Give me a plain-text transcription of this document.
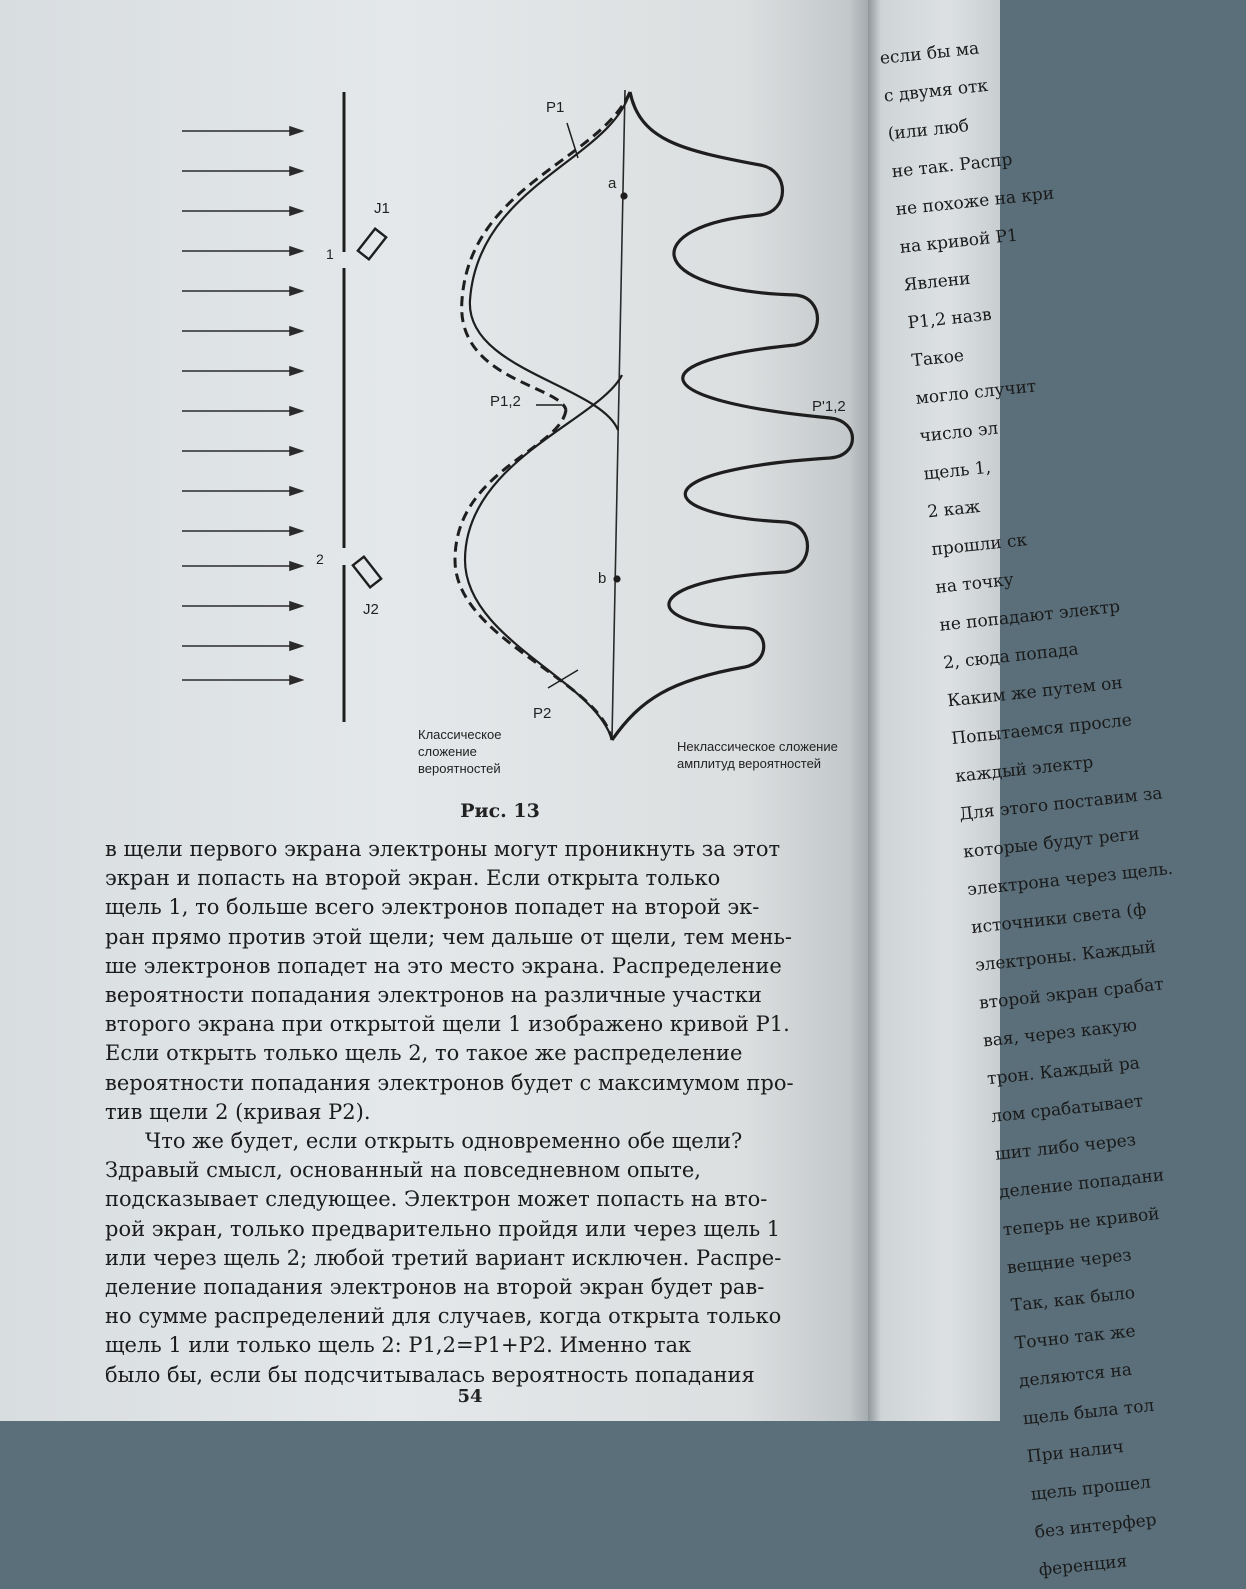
P1
J1
1
a
P1,2	P'1,2
2
b
J2
P2
Классическое сложение вероятностей
Неклассическое сложение амплитуд вероятностей
Рис. 13

в щели первого экрана электроны могут проникнуть за этот

экран и попасть на второй экран. Если открыта только

щель 1, то больше всего электронов попадет на второй эк-

ран прямо против этой щели; чем дальше от щели, тем мень-

ше электронов попадет на это место экрана. Распределение

вероятности попадания электронов на различные участки

второго экрана при открытой щели 1 изображено кривой P1.

Если открыть только щель 2, то такое же распределение

вероятности попадания электронов будет с максимумом про-

тив щели 2 (кривая P2).

Что же будет, если открыть одновременно обе щели?

Здравый смысл, основанный на повседневном опыте,

подсказывает следующее. Электрон может попасть на вто-

рой экран, только предварительно пройдя или через щель 1

или через щель 2; любой третий вариант исключен. Распре-

деление попадания электронов на второй экран будет рав-

но сумме распределений для случаев, когда открыта только

щель 1 или только щель 2: P1,2=P1+P2. Именно так

было бы, если бы подсчитывалась вероятность попадания

54
если бы ма
с двумя отк
(или люб
не так. Распр
не похоже на кри
на кривой P1
Явлени
P1,2 назв
Такое
могло случит
число эл
щель 1,
2 каж
прошли ск
на точку
не попадают электр
2, сюда попада
Каким же путем он
Попытаемся просле
каждый электр
Для этого поставим за
которые будут реги
электрона через щель.
источники света (ф
электроны. Каждый
второй экран срабат
вая, через какую
трон. Каждый ра
лом срабатывает
шит либо через
деление попадани
теперь не кривой
вещние через
Так, как было
Точно так же
деляются на
щель была тол
При налич
щель прошел
без интерфер
ференция
